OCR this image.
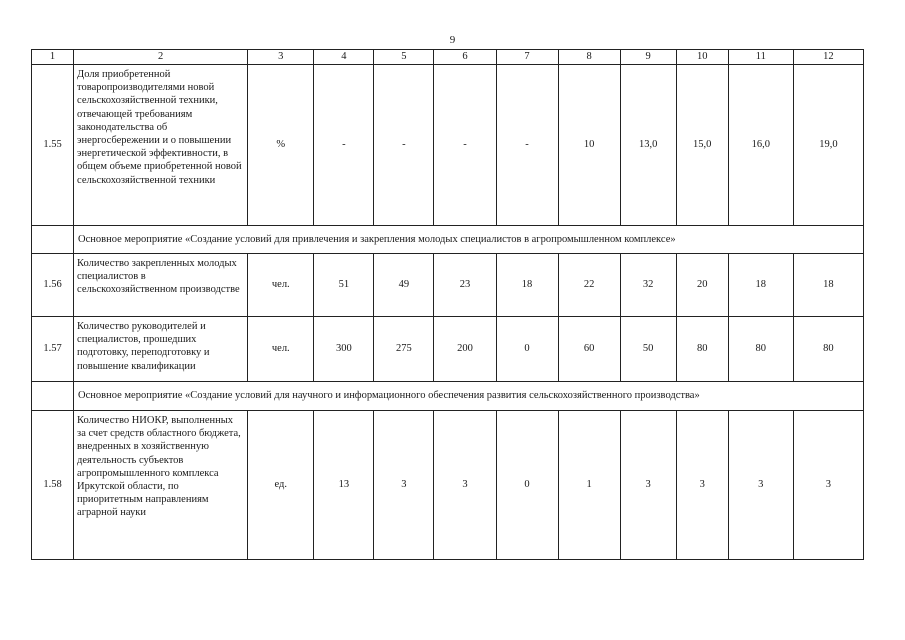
9
1	2	3	4	5	6	7	8	9	10	11	12
1.55	Доля приобретенной товаропроизводителями новой сельскохозяйственной техники, отвечающей требованиям законодательства об энергосбережении и о повышении энергетической эффективности, в общем объеме приобретенной новой сельскохозяйственной техники	%	-	-	-	-	10	13,0	15,0	16,0	19,0
	Основное мероприятие «Создание условий для привлечения и закрепления молодых специалистов в агропромышленном комплексе»										
1.56	Количество закрепленных молодых специалистов в сельскохозяйственном производстве	чел.	51	49	23	18	22	32	20	18	18
1.57	Количество руководителей и специалистов, прошедших подготовку, переподготовку и повышение квалификации	чел.	300	275	200	0	60	50	80	80	80
	Основное мероприятие «Создание условий для научного и информационного обеспечения развития сельскохозяйственного производства»										
1.58	Количество НИОКР, выполненных за счет средств областного бюджета, внедренных в хозяйственную деятельность субъектов агропромышленного комплекса Иркутской области, по приоритетным направлениям аграрной науки	ед.	13	3	3	0	1	3	3	3	3
